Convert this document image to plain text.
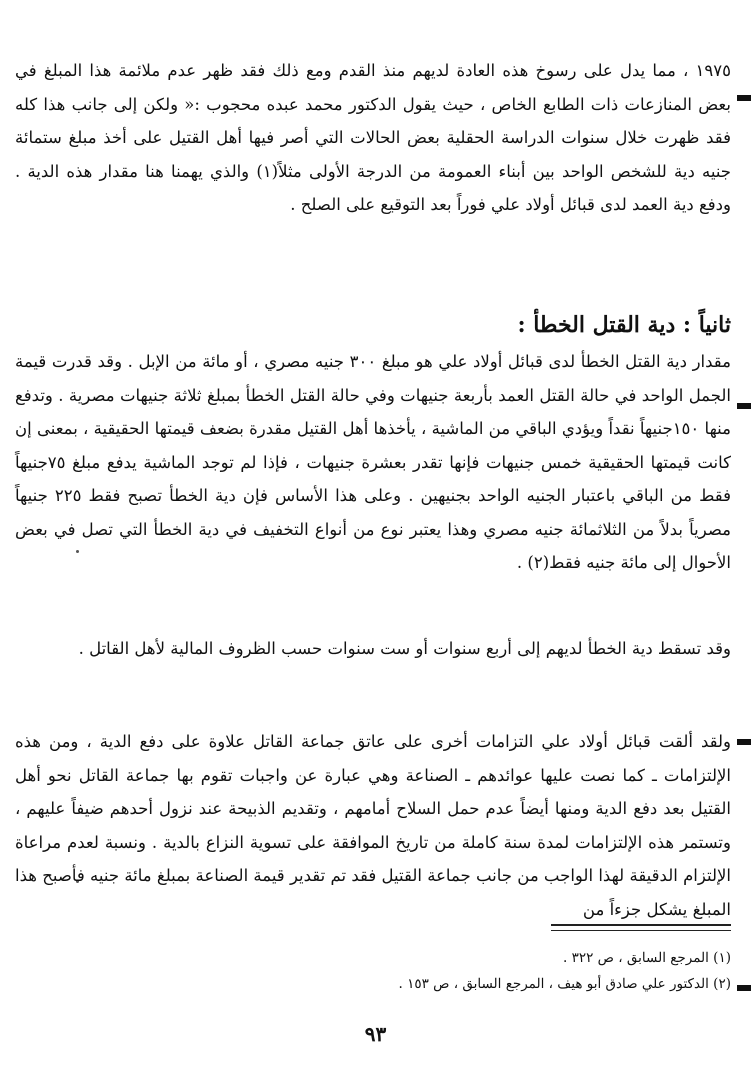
١٩٧٥ ، مما يدل على رسوخ هذه العادة لديهم منذ القدم ومع ذلك فقد ظهر عدم ملائمة هذا المبلغ في بعض المنازعات ذات الطابع الخاص ، حيث يقول الدكتور محمد عبده محجوب :« ولكن إلى جانب هذا كله فقد ظهرت خلال سنوات الدراسة الحقلية بعض الحالات التي أصر فيها أهل القتيل على أخذ مبلغ ستمائة جنيه دية للشخص الواحد بين أبناء العمومة من الدرجة الأولى مثلاً(١) والذي يهمنا هنا مقدار هذه الدية . ودفع دية العمد لدى قبائل أولاد علي فوراً بعد التوقيع على الصلح .

ثانياً : دية القتل الخطأ :

مقدار دية القتل الخطأ لدى قبائل أولاد علي هو مبلغ ٣٠٠ جنيه مصري ، أو مائة من الإبل . وقد قدرت قيمة الجمل الواحد في حالة القتل العمد بأربعة جنيهات وفي حالة القتل الخطأ بمبلغ ثلاثة جنيهات مصرية . وتدفع منها ١٥٠جنيهاً نقداً ويؤدي الباقي من الماشية ، يأخذها أهل القتيل مقدرة بضعف قيمتها الحقيقية ، بمعنى إن كانت قيمتها الحقيقية خمس جنيهات فإنها تقدر بعشرة جنيهات ، فإذا لم توجد الماشية يدفع مبلغ ٧٥جنيهاً فقط من الباقي باعتبار الجنيه الواحد بجنيهين . وعلى هذا الأساس فإن دية الخطأ تصبح فقط ٢٢٥ جنيهاً مصرياً بدلاً من الثلاثمائة جنيه مصري وهذا يعتبر نوع من أنواع التخفيف في دية الخطأ التي تصل في بعض الأحوال إلى مائة جنيه فقط(٢) .

وقد تسقط دية الخطأ لديهم إلى أربع سنوات أو ست سنوات حسب الظروف المالية لأهل القاتل .

ولقد ألقت قبائل أولاد علي التزامات أخرى على عاتق جماعة القاتل علاوة على دفع الدية ، ومن هذه الإلتزامات ـ كما نصت عليها عوائدهم ـ الصناعة وهي عبارة عن واجبات تقوم بها جماعة القاتل نحو أهل القتيل بعد دفع الدية ومنها أيضاً عدم حمل السلاح أمامهم ، وتقديم الذبيحة عند نزول أحدهم ضيفاً عليهم ، وتستمر هذه الإلتزامات لمدة سنة كاملة من تاريخ الموافقة على تسوية النزاع بالدية . ونسبة لعدم مراعاة الإلتزام الدقيقة لهذا الواجب من جانب جماعة القتيل فقد تم تقدير قيمة الصناعة بمبلغ مائة جنيه فأصبح هذا المبلغ يشكل جزءاً من

(١) المرجع السابق ، ص ٣٢٢ .
(٢) الدكتور علي صادق أبو هيف ، المرجع السابق ، ص ١٥٣ .
٩٣
